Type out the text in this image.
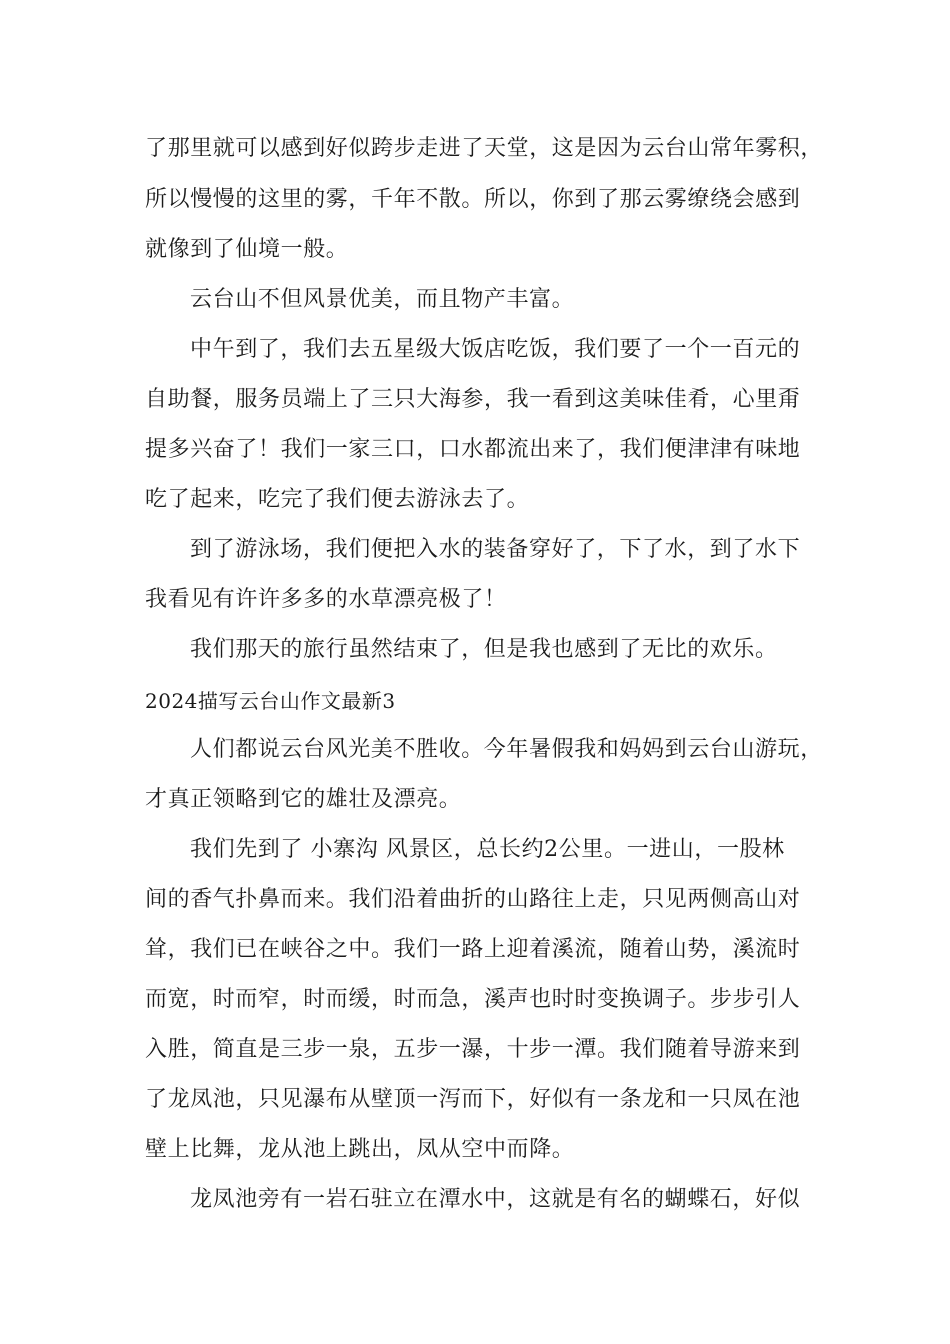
了那里就可以感到好似跨步走进了天堂，这是因为云台山常年雾积，
所以慢慢的这里的雾，千年不散。所以，你到了那云雾缭绕会感到
就像到了仙境一般。
云台山不但风景优美，而且物产丰富。
中午到了，我们去五星级大饭店吃饭，我们要了一个一百元的
自助餐，服务员端上了三只大海参，我一看到这美味佳肴，心里甭
提多兴奋了！我们一家三口，口水都流出来了，我们便津津有味地
吃了起来，吃完了我们便去游泳去了。
到了游泳场，我们便把入水的装备穿好了，下了水，到了水下
我看见有许许多多的水草漂亮极了！
我们那天的旅行虽然结束了，但是我也感到了无比的欢乐。
2024描写云台山作文最新3
人们都说云台风光美不胜收。今年暑假我和妈妈到云台山游玩，
才真正领略到它的雄壮及漂亮。
我们先到了 小寨沟 风景区，总长约2公里。一进山，一股林
间的香气扑鼻而来。我们沿着曲折的山路往上走，只见两侧高山对
耸，我们已在峡谷之中。我们一路上迎着溪流，随着山势，溪流时
而宽，时而窄，时而缓，时而急，溪声也时时变换调子。步步引人
入胜，简直是三步一泉，五步一瀑，十步一潭。我们随着导游来到
了龙凤池，只见瀑布从壁顶一泻而下，好似有一条龙和一只凤在池
壁上比舞，龙从池上跳出，凤从空中而降。
龙凤池旁有一岩石驻立在潭水中，这就是有名的蝴蝶石，好似
